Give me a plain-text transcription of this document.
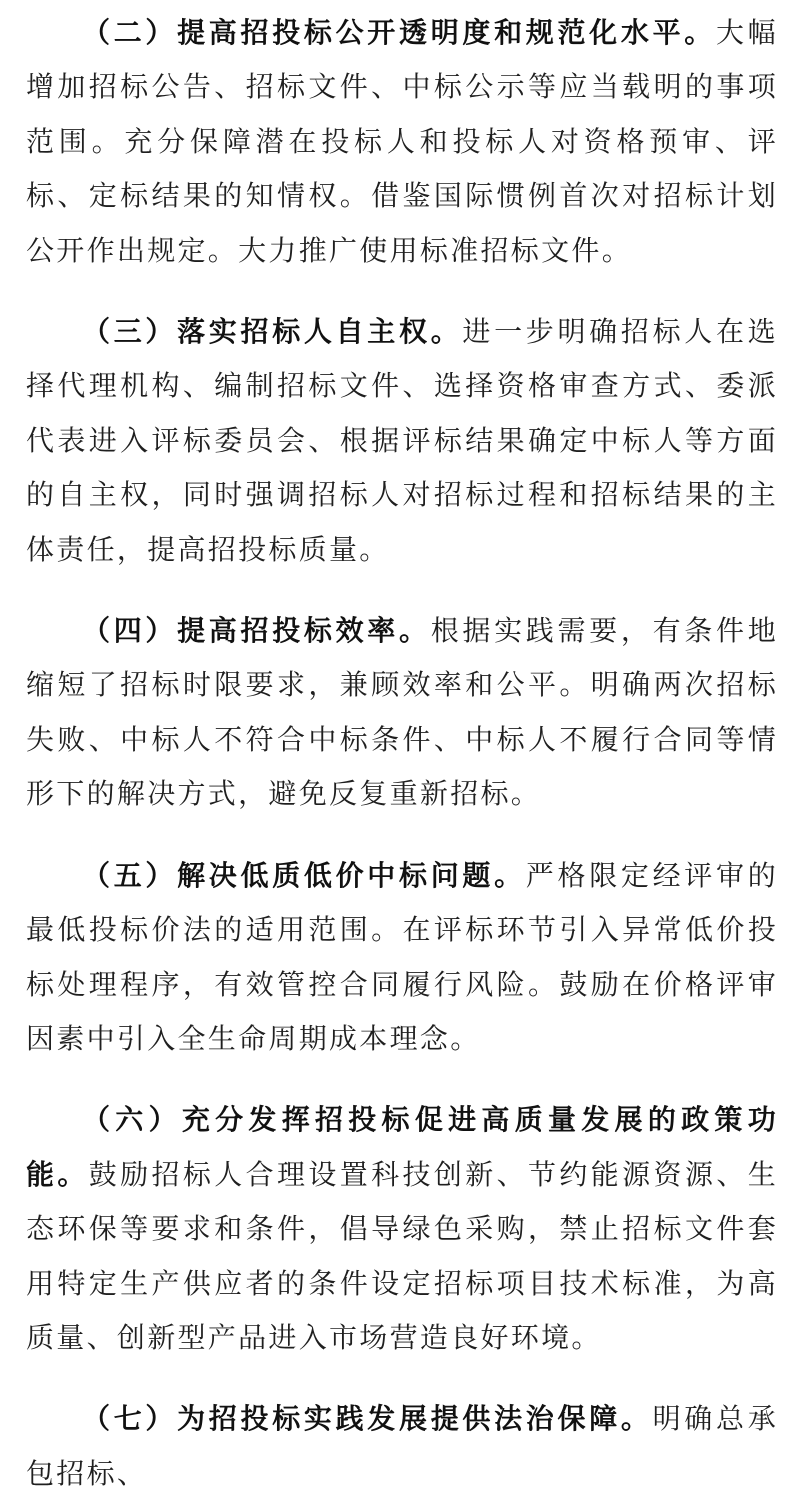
（二）提高招投标公开透明度和规范化水平。大幅增加招标公告、招标文件、中标公示等应当载明的事项范围。充分保障潜在投标人和投标人对资格预审、评标、定标结果的知情权。借鉴国际惯例首次对招标计划公开作出规定。大力推广使用标准招标文件。

（三）落实招标人自主权。进一步明确招标人在选择代理机构、编制招标文件、选择资格审查方式、委派代表进入评标委员会、根据评标结果确定中标人等方面的自主权，同时强调招标人对招标过程和招标结果的主体责任，提高招投标质量。

（四）提高招投标效率。根据实践需要，有条件地缩短了招标时限要求，兼顾效率和公平。明确两次招标失败、中标人不符合中标条件、中标人不履行合同等情形下的解决方式，避免反复重新招标。

（五）解决低质低价中标问题。严格限定经评审的最低投标价法的适用范围。在评标环节引入异常低价投标处理程序，有效管控合同履行风险。鼓励在价格评审因素中引入全生命周期成本理念。

（六）充分发挥招投标促进高质量发展的政策功能。鼓励招标人合理设置科技创新、节约能源资源、生态环保等要求和条件，倡导绿色采购，禁止招标文件套用特定生产供应者的条件设定招标项目技术标准，为高质量、创新型产品进入市场营造良好环境。

（七）为招投标实践发展提供法治保障。明确总承包招标、
